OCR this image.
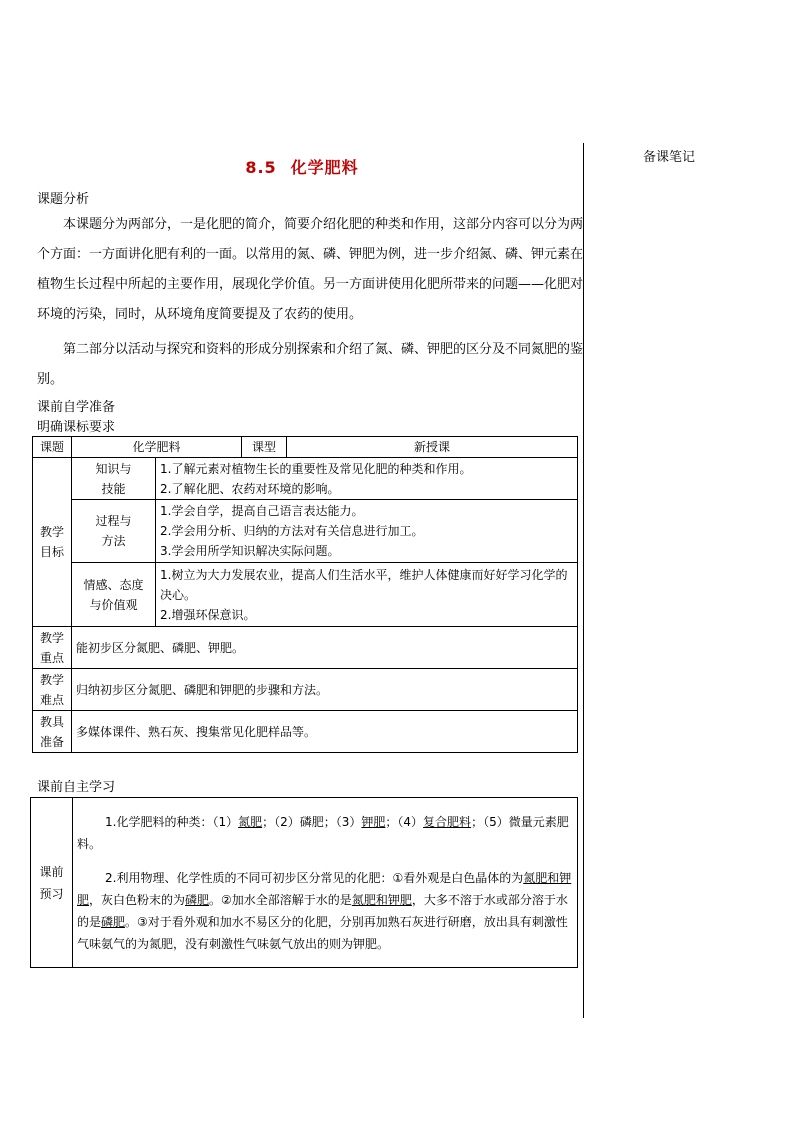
备课笔记
8.5 化学肥料
课题分析

本课题分为两部分，一是化肥的简介，简要介绍化肥的种类和作用，这部分内容可以分为两个方面：一方面讲化肥有利的一面。以常用的氮、磷、钾肥为例，进一步介绍氮、磷、钾元素在植物生长过程中所起的主要作用，展现化学价值。另一方面讲使用化肥所带来的问题——化肥对环境的污染，同时，从环境角度简要提及了农药的使用。

第二部分以活动与探究和资料的形成分别探索和介绍了氮、磷、钾肥的区分及不同氮肥的鉴别。

课前自学准备
明确课标要求
课题	化学肥料		课型	新授课

教学
目标	知识与
技能	1.了解元素对植物生长的重要性及常见化肥的种类和作用。
2.了解化肥、农药对环境的影响。		

	过程与
方法	1.学会自学，提高自己语言表达能力。
2.学会用分析、归纳的方法对有关信息进行加工。
3.学会用所学知识解决实际问题。		

	情感、态度
与价值观	1.树立为大力发展农业，提高人们生活水平，维护人体健康而好好学习化学的决心。
2.增强环保意识。		

教学
重点	能初步区分氮肥、磷肥、钾肥。			

教学
难点	归纳初步区分氮肥、磷肥和钾肥的步骤和方法。			

教具
准备	多媒体课件、熟石灰、搜集常见化肥样品等。			
课前自主学习
课前
预习

1.化学肥料的种类：（1）氮肥；（2）磷肥；（3）钾肥；（4）复合肥料；（5）微量元素肥料。
2.利用物理、化学性质的不同可初步区分常见的化肥：①看外观是白色晶体的为氮肥和钾肥，灰白色粉末的为磷肥。②加水全部溶解于水的是氮肥和钾肥，大多不溶于水或部分溶于水的是磷肥。③对于看外观和加水不易区分的化肥，分别再加熟石灰进行研磨，放出具有刺激性气味氨气的为氮肥，没有刺激性气味氨气放出的则为钾肥。
